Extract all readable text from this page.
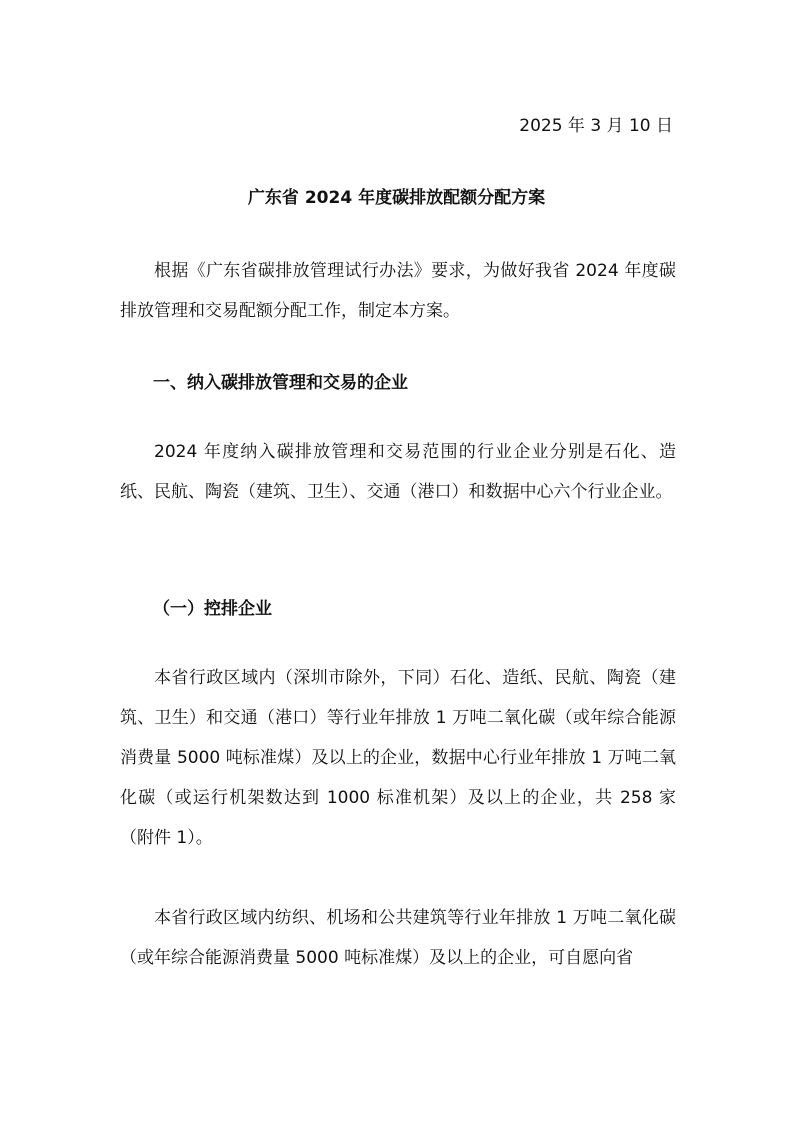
2025 年 3 月 10 日
广东省 2024 年度碳排放配额分配方案

根据《广东省碳排放管理试行办法》要求，为做好我省 2024 年度碳排放管理和交易配额分配工作，制定本方案。

一、纳入碳排放管理和交易的企业

2024 年度纳入碳排放管理和交易范围的行业企业分别是石化、造纸、民航、陶瓷（建筑、卫生）、交通（港口）和数据中心六个行业企业。

（一）控排企业

本省行政区域内（深圳市除外，下同）石化、造纸、民航、陶瓷（建筑、卫生）和交通（港口）等行业年排放 1 万吨二氧化碳（或年综合能源消费量 5000 吨标准煤）及以上的企业，数据中心行业年排放 1 万吨二氧化碳（或运行机架数达到 1000 标准机架）及以上的企业，共 258 家（附件 1）。

本省行政区域内纺织、机场和公共建筑等行业年排放 1 万吨二氧化碳（或年综合能源消费量 5000 吨标准煤）及以上的企业，可自愿向省
